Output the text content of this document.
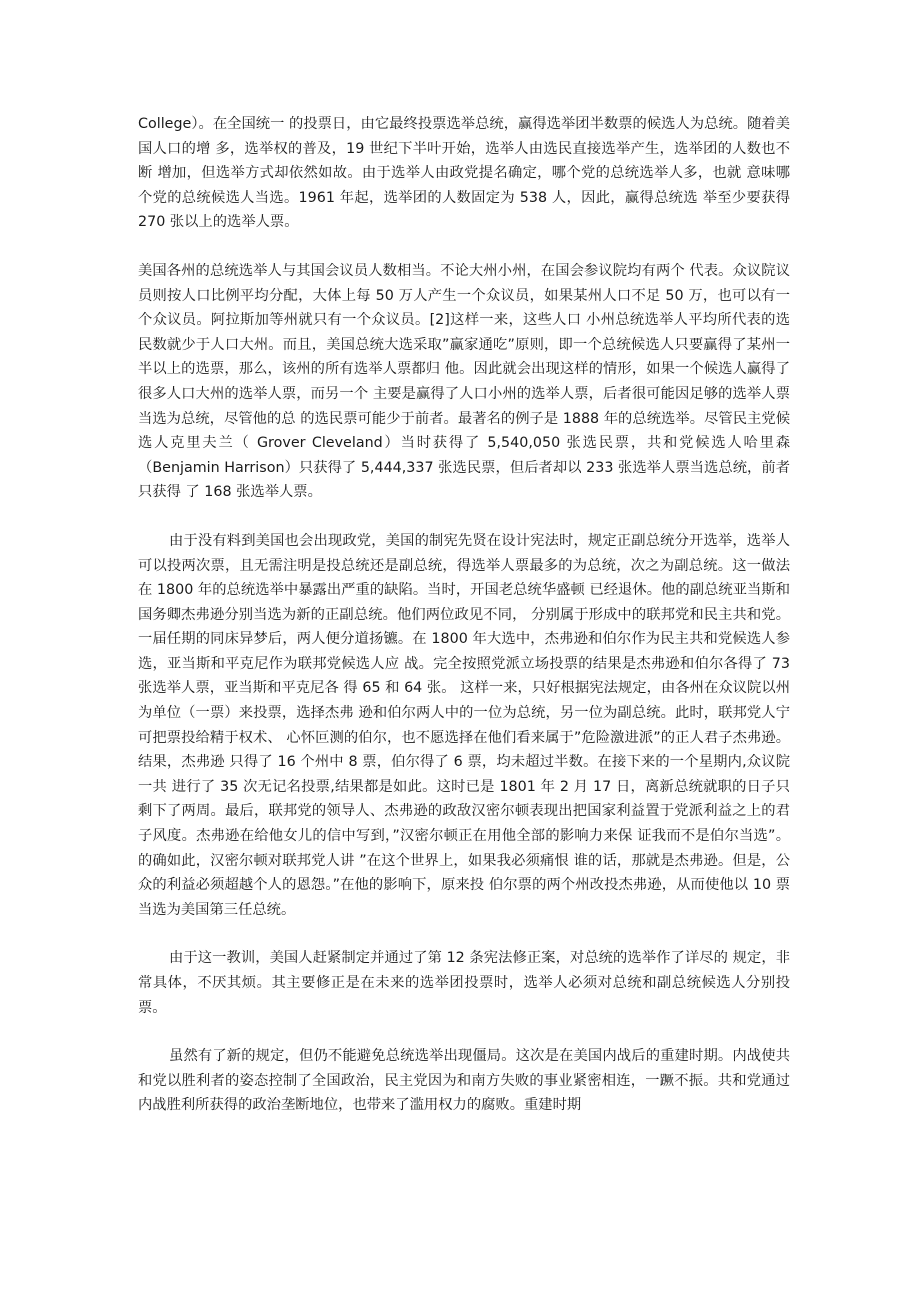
College）。在全国统一 的投票日，由它最终投票选举总统，赢得选举团半数票的候选人为总统。随着美国人口的增 多，选举权的普及，19 世纪下半叶开始，选举人由选民直接选举产生，选举团的人数也不断 增加，但选举方式却依然如故。由于选举人由政党提名确定，哪个党的总统选举人多，也就 意味哪个党的总统候选人当选。1961 年起，选举团的人数固定为 538 人，因此，赢得总统选 举至少要获得 270 张以上的选举人票。

美国各州的总统选举人与其国会议员人数相当。不论大州小州，在国会参议院均有两个 代表。众议院议员则按人口比例平均分配，大体上每 50 万人产生一个众议员，如果某州人口不足 50 万，也可以有一个众议员。阿拉斯加等州就只有一个众议员。[2]这样一来，这些人口 小州总统选举人平均所代表的选民数就少于人口大州。而且，美国总统大选采取”赢家通吃”原则，即一个总统候选人只要赢得了某州一半以上的选票，那么，该州的所有选举人票都归 他。因此就会出现这样的情形，如果一个候选人赢得了很多人口大州的选举人票，而另一个 主要是赢得了人口小州的选举人票，后者很可能因足够的选举人票当选为总统，尽管他的总 的选民票可能少于前者。最著名的例子是 1888 年的总统选举。尽管民主党候选人克里夫兰（ Grover Cleveland）当时获得了 5,540,050 张选民票，共和党候选人哈里森（Benjamin Harrison）只获得了 5,444,337 张选民票，但后者却以 233 张选举人票当选总统，前者只获得 了 168 张选举人票。

由于没有料到美国也会出现政党，美国的制宪先贤在设计宪法时，规定正副总统分开选举，选举人可以投两次票，且无需注明是投总统还是副总统，得选举人票最多的为总统，次之为副总统。这一做法在 1800 年的总统选举中暴露出严重的缺陷。当时，开国老总统华盛顿 已经退休。他的副总统亚当斯和国务卿杰弗逊分别当选为新的正副总统。他们两位政见不同， 分别属于形成中的联邦党和民主共和党。一届任期的同床异梦后，两人便分道扬镳。在 1800 年大选中，杰弗逊和伯尔作为民主共和党候选人参选，亚当斯和平克尼作为联邦党候选人应 战。完全按照党派立场投票的结果是杰弗逊和伯尔各得了 73 张选举人票，亚当斯和平克尼各 得 65 和 64 张。 这样一来，只好根据宪法规定，由各州在众议院以州为单位（一票）来投票，选择杰弗 逊和伯尔两人中的一位为总统，另一位为副总统。此时，联邦党人宁可把票投给精于权术、 心怀叵测的伯尔，也不愿选择在他们看来属于”危险激进派”的正人君子杰弗逊。结果，杰弗逊 只得了 16 个州中 8 票，伯尔得了 6 票，均未超过半数。在接下来的一个星期内,众议院一共 进行了 35 次无记名投票,结果都是如此。这时已是 1801 年 2 月 17 日，离新总统就职的日子只剩下了两周。最后，联邦党的领导人、杰弗逊的政敌汉密尔顿表现出把国家利益置于党派利益之上的君子风度。杰弗逊在给他女儿的信中写到，”汉密尔顿正在用他全部的影响力来保 证我而不是伯尔当选”。的确如此，汉密尔顿对联邦党人讲 ”在这个世界上，如果我必须痛恨 谁的话，那就是杰弗逊。但是，公众的利益必须超越个人的恩怨。”在他的影响下，原来投 伯尔票的两个州改投杰弗逊，从而使他以 10 票当选为美国第三任总统。

由于这一教训，美国人赶紧制定并通过了第 12 条宪法修正案，对总统的选举作了详尽的 规定，非常具体，不厌其烦。其主要修正是在未来的选举团投票时，选举人必须对总统和副总统候选人分别投票。

虽然有了新的规定，但仍不能避免总统选举出现僵局。这次是在美国内战后的重建时期。内战使共和党以胜利者的姿态控制了全国政治，民主党因为和南方失败的事业紧密相连，一蹶不振。共和党通过内战胜利所获得的政治垄断地位，也带来了滥用权力的腐败。重建时期
